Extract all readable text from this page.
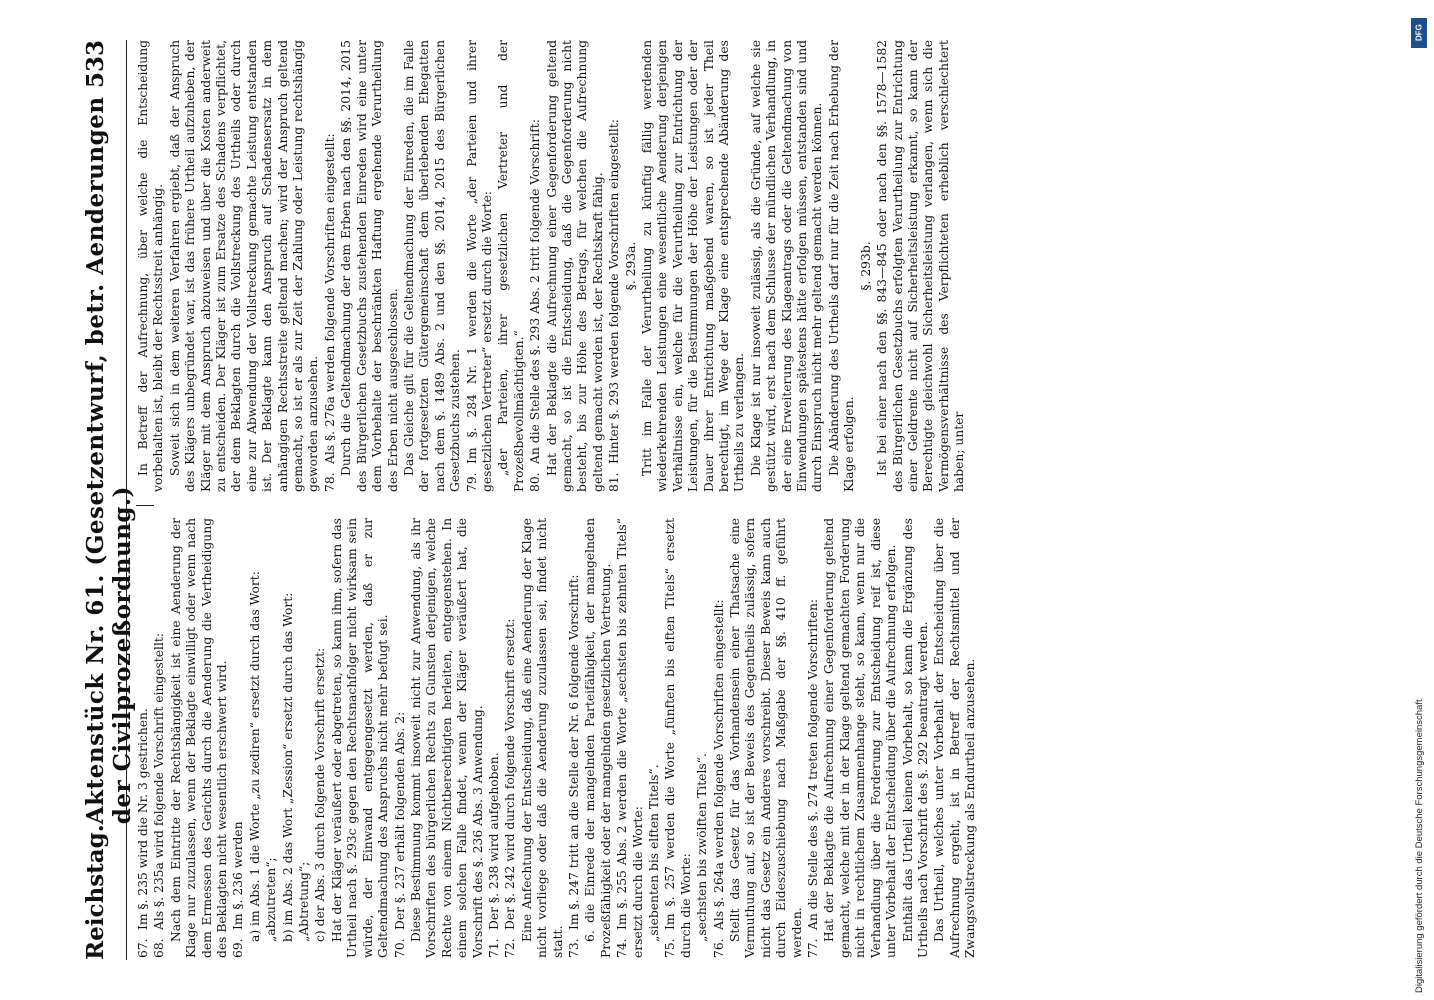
Reichstag.
Aktenstück Nr. 61. (Gesetzentwurf, betr. Aenderungen der Civilprozeßordnung.)
533
67.Im §. 235 wird die Nr. 3 gestrichen.
68.Als §. 235a wird folgende Vorschrift eingestellt: Nach dem Eintritte der Rechtshängigkeit ist eine Aenderung der Klage nur zuzulassen, wenn der Beklagte einwilligt oder wenn nach dem Ermessen des Gerichts durch die Aenderung die Vertheidigung des Beklagten nicht wesentlich erschwert wird. 69.Im §. 236 werden a) im Abs. 1 die Worte „zu zediren“ ersetzt durch das Wort: „abzutreten“; b) im Abs. 2 das Wort „Zession“ ersetzt durch das Wort: „Abtretung“; c) der Abs. 3 durch folgende Vorschrift ersetzt: Hat der Kläger veräußert oder abgetreten, so kann ihm, sofern das Urtheil nach §. 293c gegen den Rechtsnachfolger nicht wirksam sein würde, der Einwand entgegengesetzt werden, daß er zur Geltendmachung des Anspruchs nicht mehr befugt sei. 70.Der §. 237 erhält folgenden Abs. 2: Diese Bestimmung kommt insoweit nicht zur Anwendung, als ihr Vorschriften des bürgerlichen Rechts zu Gunsten derjenigen, welche Rechte von einem Nichtberechtigten herleiten, entgegenstehen. In einem solchen Falle findet, wenn der Kläger veräußert hat, die Vorschrift des §. 236 Abs. 3 Anwendung. 71.Der §. 238 wird aufgehoben.
72.Der §. 242 wird durch folgende Vorschrift ersetzt: Eine Anfechtung der Entscheidung, daß eine Aenderung der Klage nicht vorliege oder daß die Aenderung zuzulassen sei, findet nicht statt. 73.Im §. 247 tritt an die Stelle der Nr. 6 folgende Vorschrift: 6. die Einrede der mangelnden Parteifähigkeit, der mangelnden Prozeßfähigkeit oder der mangelnden gesetzlichen Vertretung. 74.Im §. 255 Abs. 2 werden die Worte „sechsten bis zehnten Titels“ ersetzt durch die Worte: „siebenten bis elften Titels“.
75.Im §. 257 werden die Worte „fünften bis elften Titels“ ersetzt durch die Worte: „sechsten bis zwölften Titels“.
76.Als §. 264a werden folgende Vorschriften eingestellt: Stellt das Gesetz für das Vorhandensein einer Thatsache eine Vermuthung auf, so ist der Beweis des Gegentheils zulässig, sofern nicht das Gesetz ein Anderes vorschreibt. Dieser Beweis kann auch durch Eideszuschiebung nach Maßgabe der §§. 410 ff. geführt werden. 77.An die Stelle des §. 274 treten folgende Vorschriften: Hat der Beklagte die Aufrechnung einer Gegenforderung geltend gemacht, welche mit der in der Klage geltend gemachten Forderung nicht in rechtlichem Zusammenhange steht, so kann, wenn nur die Verhandlung über die Forderung zur Entscheidung reif ist, diese unter Vorbehalt der Entscheidung über die Aufrechnung erfolgen. Enthält das Urtheil keinen Vorbehalt, so kann die Ergänzung des Urtheils nach Vorschrift des §. 292 beantragt werden. Das Urtheil, welches unter Vorbehalt der Entscheidung über die Aufrechnung ergeht, ist in Betreff der Rechtsmittel und der Zwangsvollstreckung als Endurtheil anzusehen.
In Betreff der Aufrechnung, über welche die Entscheidung vorbehalten ist, bleibt der Rechtsstreit anhängig. Soweit sich in dem weiteren Verfahren ergiebt, daß der Anspruch des Klägers unbegründet war, ist das frühere Urtheil aufzuheben, der Kläger mit dem Anspruch abzuweisen und über die Kosten anderweit zu entscheiden. Der Kläger ist zum Ersatze des Schadens verpflichtet, der dem Beklagten durch die Vollstreckung des Urtheils oder durch eine zur Abwendung der Vollstreckung gemachte Leistung entstanden ist. Der Beklagte kann den Anspruch auf Schadensersatz in dem anhängigen Rechtsstreite geltend machen; wird der Anspruch geltend gemacht, so ist er als zur Zeit der Zahlung oder Leistung rechtshängig geworden anzusehen. 78.Als §. 276a werden folgende Vorschriften eingestellt: Durch die Geltendmachung der dem Erben nach den §§. 2014, 2015 des Bürgerlichen Gesetzbuchs zustehenden Einreden wird eine unter dem Vorbehalte der beschränkten Haftung ergehende Verurtheilung des Erben nicht ausgeschlossen. Das Gleiche gilt für die Geltendmachung der Einreden, die im Falle der fortgesetzten Gütergemeinschaft dem überlebenden Ehegatten nach dem §. 1489 Abs. 2 und den §§. 2014, 2015 des Bürgerlichen Gesetzbuchs zustehen. 79.Im §. 284 Nr. 1 werden die Worte „der Parteien und ihrer gesetzlichen Vertreter“ ersetzt durch die Worte: „der Parteien, ihrer gesetzlichen Vertreter und der Prozeßbevollmächtigten.“ 80.An die Stelle des §. 293 Abs. 2 tritt folgende Vorschrift: Hat der Beklagte die Aufrechnung einer Gegenforderung geltend gemacht, so ist die Entscheidung, daß die Gegenforderung nicht besteht, bis zur Höhe des Betrags, für welchen die Aufrechnung geltend gemacht worden ist, der Rechtskraft fähig. 81.Hinter §. 293 werden folgende Vorschriften eingestellt: §. 293a. Tritt im Falle der Verurtheilung zu künftig fällig werdenden wiederkehrenden Leistungen eine wesentliche Aenderung derjenigen Verhältnisse ein, welche für die Verurtheilung zur Entrichtung der Leistungen, für die Bestimmungen der Höhe der Leistungen oder der Dauer ihrer Entrichtung maßgebend waren, so ist jeder Theil berechtigt, im Wege der Klage eine entsprechende Abänderung des Urtheils zu verlangen. Die Klage ist nur insoweit zulässig, als die Gründe, auf welche sie gestützt wird, erst nach dem Schlusse der mündlichen Verhandlung, in der eine Erweiterung des Klageantrags oder die Geltendmachung von Einwendungen spätestens hätte erfolgen müssen, entstanden sind und durch Einspruch nicht mehr geltend gemacht werden können. Die Abänderung des Urtheils darf nur für die Zeit nach Erhebung der Klage erfolgen.
§. 293b. Ist bei einer nach den §§. 843—845 oder nach den §§. 1578—1582 des Bürgerlichen Gesetzbuchs erfolgten Verurtheilung zur Entrichtung einer Geldrente nicht auf Sicherheitsleistung erkannt, so kann der Berechtigte gleichwohl Sicherheitsleistung verlangen, wenn sich die Vermögensverhältnisse des Verpflichteten erheblich verschlechtert haben; unter
DFG
Digitalisierung gefördert durch die Deutsche Forschungsgemeinschaft
